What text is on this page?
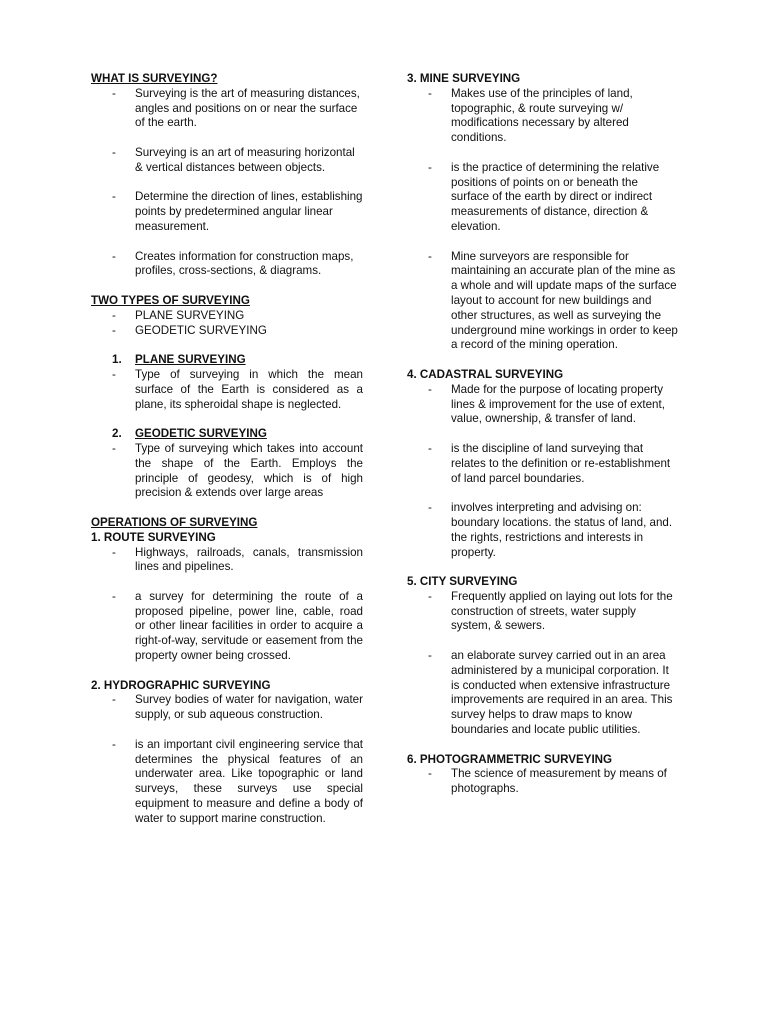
WHAT IS SURVEYING?

- Surveying is the art of measuring distances, angles and positions on or near the surface of the earth.
- Surveying is an art of measuring horizontal & vertical distances between objects.
- Determine the direction of lines, establishing points by predetermined angular linear measurement.
- Creates information for construction maps, profiles, cross-sections, & diagrams.

TWO TYPES OF SURVEYING

- PLANE SURVEYING
- GEODETIC SURVEYING
1. PLANE SURVEYING
- Type of surveying in which the mean surface of the Earth is considered as a plane, its spheroidal shape is neglected.
2. GEODETIC SURVEYING
- Type of surveying which takes into account the shape of the Earth. Employs the principle of geodesy, which is of high precision & extends over large areas

OPERATIONS OF SURVEYING

1. ROUTE SURVEYING

- Highways, railroads, canals, transmission lines and pipelines.
- a survey for determining the route of a proposed pipeline, power line, cable, road or other linear facilities in order to acquire a right-of-way, servitude or easement from the property owner being crossed.

2. HYDROGRAPHIC SURVEYING

- Survey bodies of water for navigation, water supply, or sub aqueous construction.
- is an important civil engineering service that determines the physical features of an underwater area. Like topographic or land surveys, these surveys use special equipment to measure and define a body of water to support marine construction.

3. MINE SURVEYING

- Makes use of the principles of land, topographic, & route surveying w/ modifications necessary by altered conditions.
- is the practice of determining the relative positions of points on or beneath the surface of the earth by direct or indirect measurements of distance, direction & elevation.
- Mine surveyors are responsible for maintaining an accurate plan of the mine as a whole and will update maps of the surface layout to account for new buildings and other structures, as well as surveying the underground mine workings in order to keep a record of the mining operation.

4. CADASTRAL SURVEYING

- Made for the purpose of locating property lines & improvement for the use of extent, value, ownership, & transfer of land.
- is the discipline of land surveying that relates to the definition or re-establishment of land parcel boundaries.
- involves interpreting and advising on: boundary locations. the status of land, and. the rights, restrictions and interests in property.

5. CITY SURVEYING

- Frequently applied on laying out lots for the construction of streets, water supply system, & sewers.
- an elaborate survey carried out in an area administered by a municipal corporation. It is conducted when extensive infrastructure improvements are required in an area. This survey helps to draw maps to know boundaries and locate public utilities.

6. PHOTOGRAMMETRIC SURVEYING

- The science of measurement by means of photographs.
